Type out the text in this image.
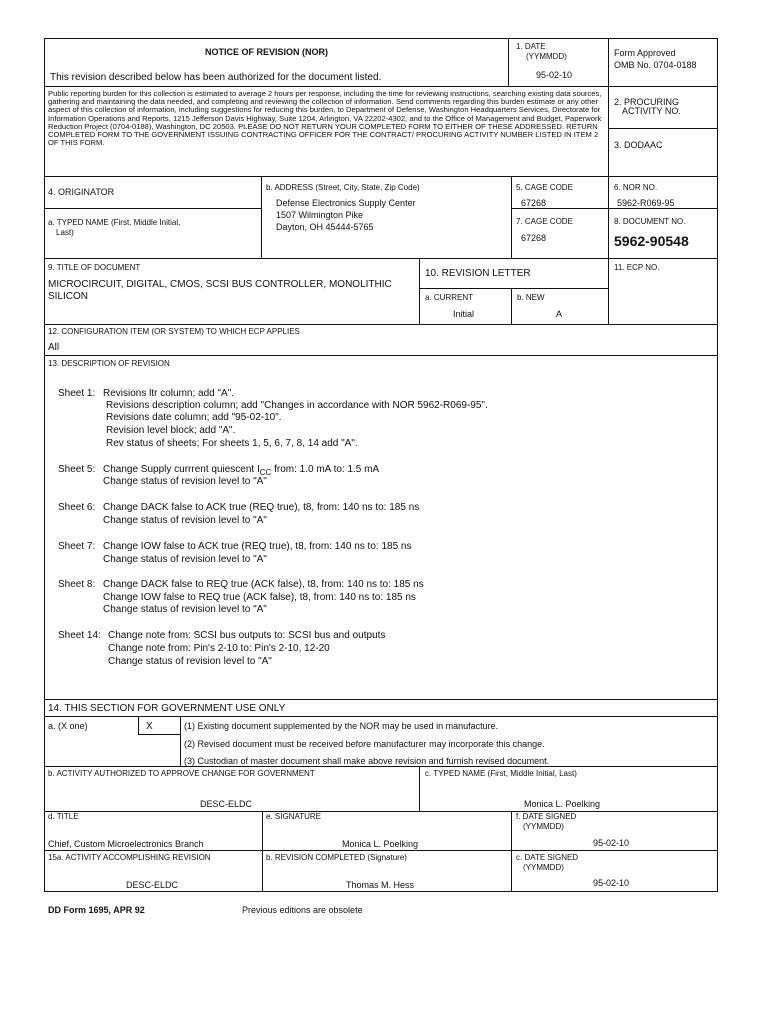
NOTICE OF REVISION (NOR)
This revision described below has been authorized for the document listed.
1. DATE
(YYMMDD)
95-02-10
Form Approved
OMB No. 0704-0188
Public reporting burden for this collection is estimated to average 2 hours per response, including the time for reviewing instructions, searching existing data sources, gathering and maintaining the data needed, and completing and reviewing the collection of information. Send comments regarding this burden estimate or any other aspect of this collection of information, including suggestions for reducing this burden, to Department of Defense, Washington Headquarters Services, Directorate for Information Operations and Reports, 1215 Jefferson Davis Highway, Suite 1204, Arlington, VA 22202-4302, and to the Office of Management and Budget, Paperwork Reduction Project (0704-0188), Washington, DC 20503. PLEASE DO NOT RETURN YOUR COMPLETED FORM TO EITHER OF THESE ADDRESSED. RETURN COMPLETED FORM TO THE GOVERNMENT ISSUING CONTRACTING OFFICER FOR THE CONTRACT/ PROCURING ACTIVITY NUMBER LISTED IN ITEM 2 OF THIS FORM.
2. PROCURING
ACTIVITY NO.
3. DODAAC
4. ORIGINATOR
a. TYPED NAME (First, Middle Initial,
Last)
b. ADDRESS (Street, City, State, Zip Code)
Defense Electronics Supply Center
1507 Wilmington Pike
Dayton, OH 45444-5765
5. CAGE CODE
67268
6. NOR NO.
5962-R069-95
7. CAGE CODE
67268
8. DOCUMENT NO.
5962-90548
9. TITLE OF DOCUMENT
MICROCIRCUIT, DIGITAL, CMOS, SCSI BUS CONTROLLER, MONOLITHIC
SILICON
10. REVISION LETTER
a. CURRENT
Initial
b. NEW
A
11. ECP NO.
12. CONFIGURATION ITEM (OR SYSTEM) TO WHICH ECP APPLIES
All
13. DESCRIPTION OF REVISION
Sheet 1: Revisions ltr column; add "A".
Revisions description column; add "Changes in accordance with NOR 5962-R069-95".
Revisions date column; add "95-02-10".
Revision level block; add "A".
Rev status of sheets; For sheets 1, 5, 6, 7, 8, 14 add "A".
Sheet 5: Change Supply currrent quiescent $I_{CC}$ from: 1.0 mA to: 1.5 mA
Change status of revision level to "A"
Sheet 6: Change DACK false to ACK true (REQ true), t8, from: 140 ns to: 185 ns
Change status of revision level to "A"
Sheet 7: Change IOW false to ACK true (REQ true), t8, from: 140 ns to: 185 ns
Change status of revision level to "A"
Sheet 8: Change DACK false to REQ true (ACK false), t8, from: 140 ns to: 185 ns
Change IOW false to REQ true (ACK false), t8, from: 140 ns to: 185 ns
Change status of revision level to "A"
Sheet 14: Change note from: SCSI bus outputs to: SCSI bus and outputs
Change note from: Pin's 2-10 to: Pin's 2-10, 12-20
Change status of revision level to "A"
14. THIS SECTION FOR GOVERNMENT USE ONLY
a. (X one)	X	(1) Existing document supplemented by the NOR may be used in manufacture.
(2) Revised document must be received before manufacturer may incorporate this change.
(3) Custodian of master document shall make above revision and furnish revised document.
b. ACTIVITY AUTHORIZED TO APPROVE CHANGE FOR GOVERNMENT
DESC-ELDC
c. TYPED NAME (First, Middle Initial, Last)
Monica L. Poelking
d. TITLE
Chief, Custom Microelectronics Branch
e. SIGNATURE
Monica L. Poelking
f. DATE SIGNED
(YYMMDD)
95-02-10
15a. ACTIVITY ACCOMPLISHING REVISION
DESC-ELDC
b. REVISION COMPLETED (Signature)
Thomas M. Hess
c. DATE SIGNED
(YYMMDD)
95-02-10
DD Form 1695, APR 92	Previous editions are obsolete
